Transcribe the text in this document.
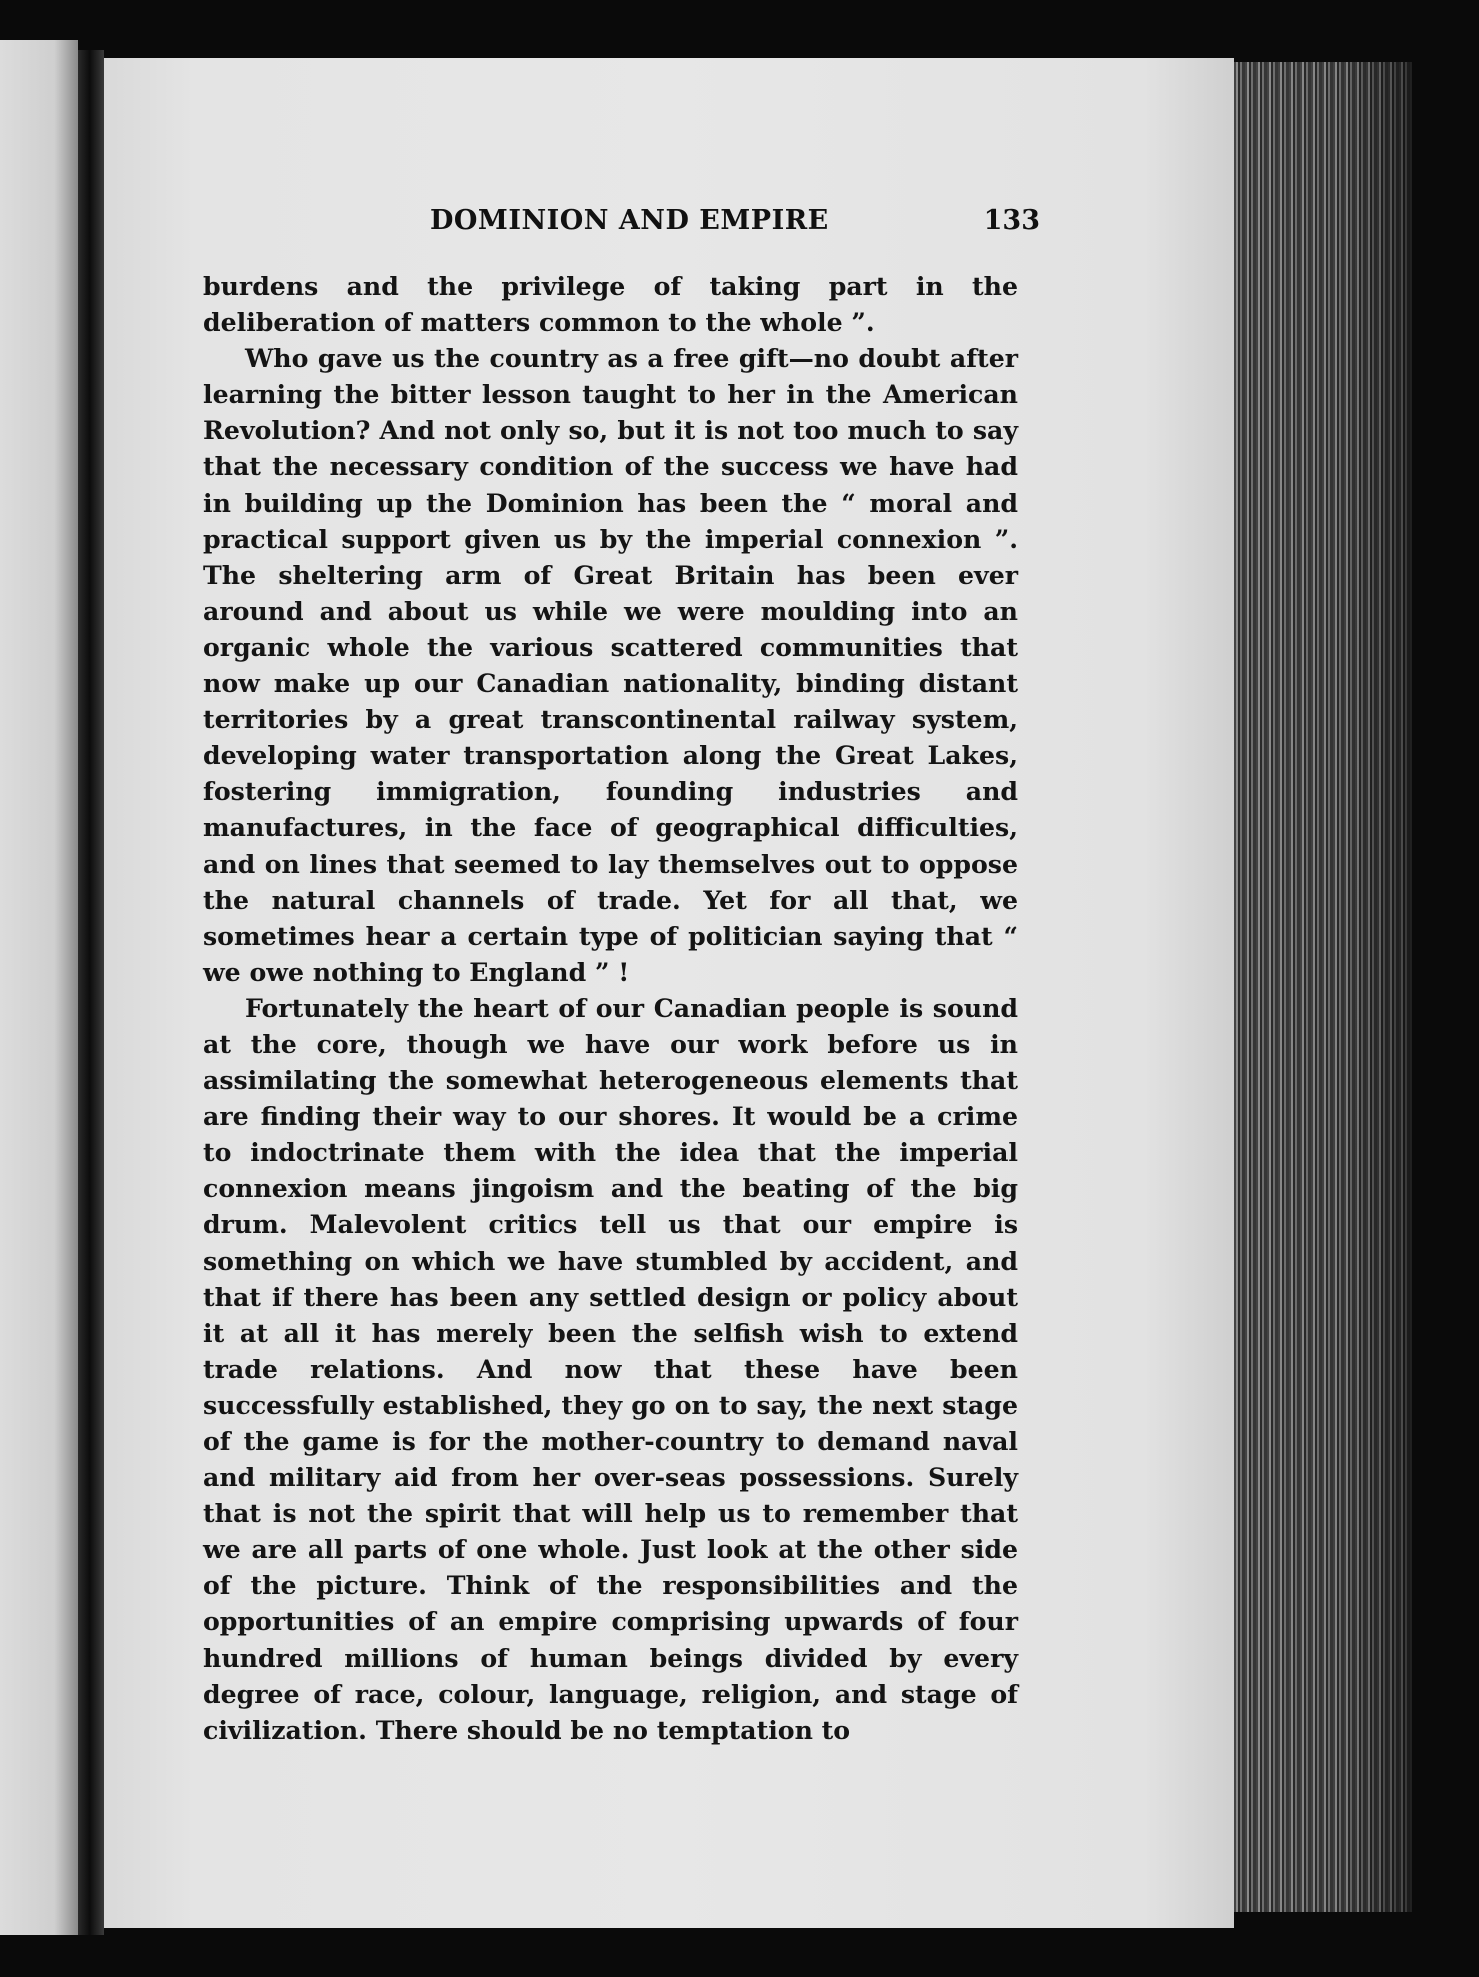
DOMINION AND EMPIRE	133

burdens and the privilege of taking part in the deliberation of matters common to the whole ”.

Who gave us the country as a free gift—no doubt after learning the bitter lesson taught to her in the American Revolution? And not only so, but it is not too much to say that the necessary condition of the success we have had in building up the Dominion has been the “ moral and practical support given us by the imperial connexion ”. The sheltering arm of Great Britain has been ever around and about us while we were moulding into an organic whole the various scattered communities that now make up our Canadian nationality, binding distant territories by a great transcontinental railway system, developing water transportation along the Great Lakes, fostering immigration, founding industries and manufactures, in the face of geographical difficulties, and on lines that seemed to lay themselves out to oppose the natural channels of trade. Yet for all that, we sometimes hear a certain type of politician saying that “ we owe nothing to England ” !

Fortunately the heart of our Canadian people is sound at the core, though we have our work before us in assimilating the somewhat heterogeneous elements that are finding their way to our shores. It would be a crime to indoctrinate them with the idea that the imperial connexion means jingoism and the beating of the big drum. Malevolent critics tell us that our empire is something on which we have stumbled by accident, and that if there has been any settled design or policy about it at all it has merely been the selfish wish to extend trade relations. And now that these have been successfully established, they go on to say, the next stage of the game is for the mother-country to demand naval and military aid from her over-seas possessions. Surely that is not the spirit that will help us to remember that we are all parts of one whole. Just look at the other side of the picture. Think of the responsibilities and the opportunities of an empire comprising upwards of four hundred millions of human beings divided by every degree of race, colour, language, religion, and stage of civilization. There should be no temptation to
